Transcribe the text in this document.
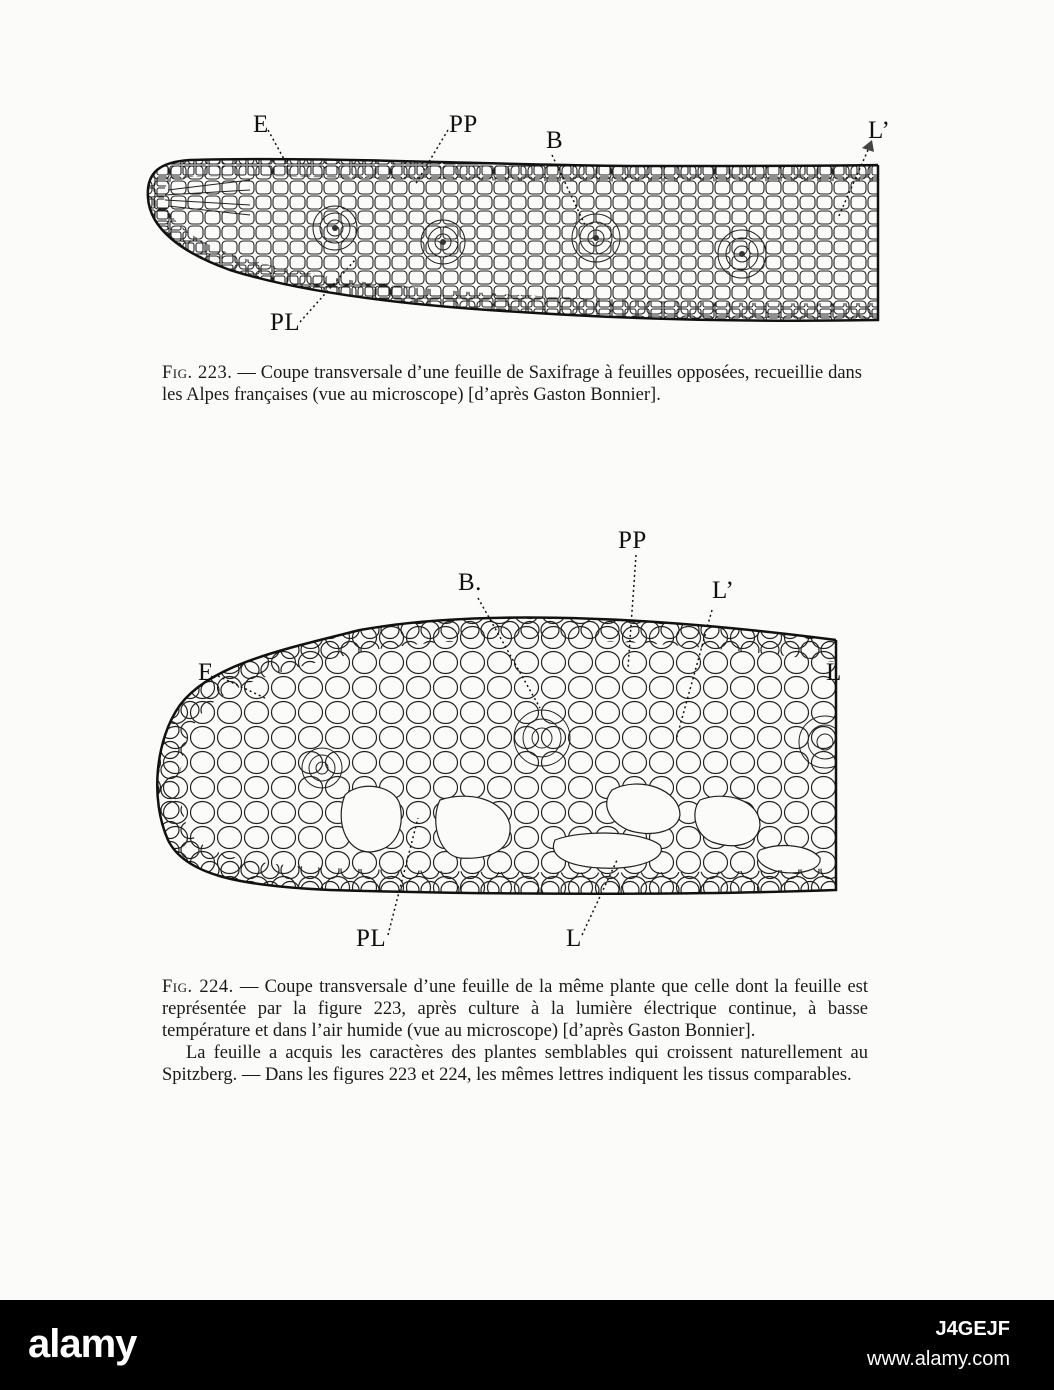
E	PP
B	L’
PL
Fig. 223. — Coupe transversale d’une feuille de Saxifrage à feuilles opposées, recueillie dans les Alpes françaises (vue au microscope) [d’après Gaston Bonnier].
PP
B.	L’
E	L
PL	L

Fig. 224. — Coupe transversale d’une feuille de la même plante que celle dont la feuille est représentée par la figure 223, après culture à la lumière électrique continue, à basse température et dans l’air humide (vue au microscope) [d’après Gaston Bonnier].

La feuille a acquis les caractères des plantes semblables qui croissent naturellement au Spitzberg. — Dans les figures 223 et 224, les mêmes lettres indiquent les tissus comparables.

alamy	J4GEJF
www.alamy.com
